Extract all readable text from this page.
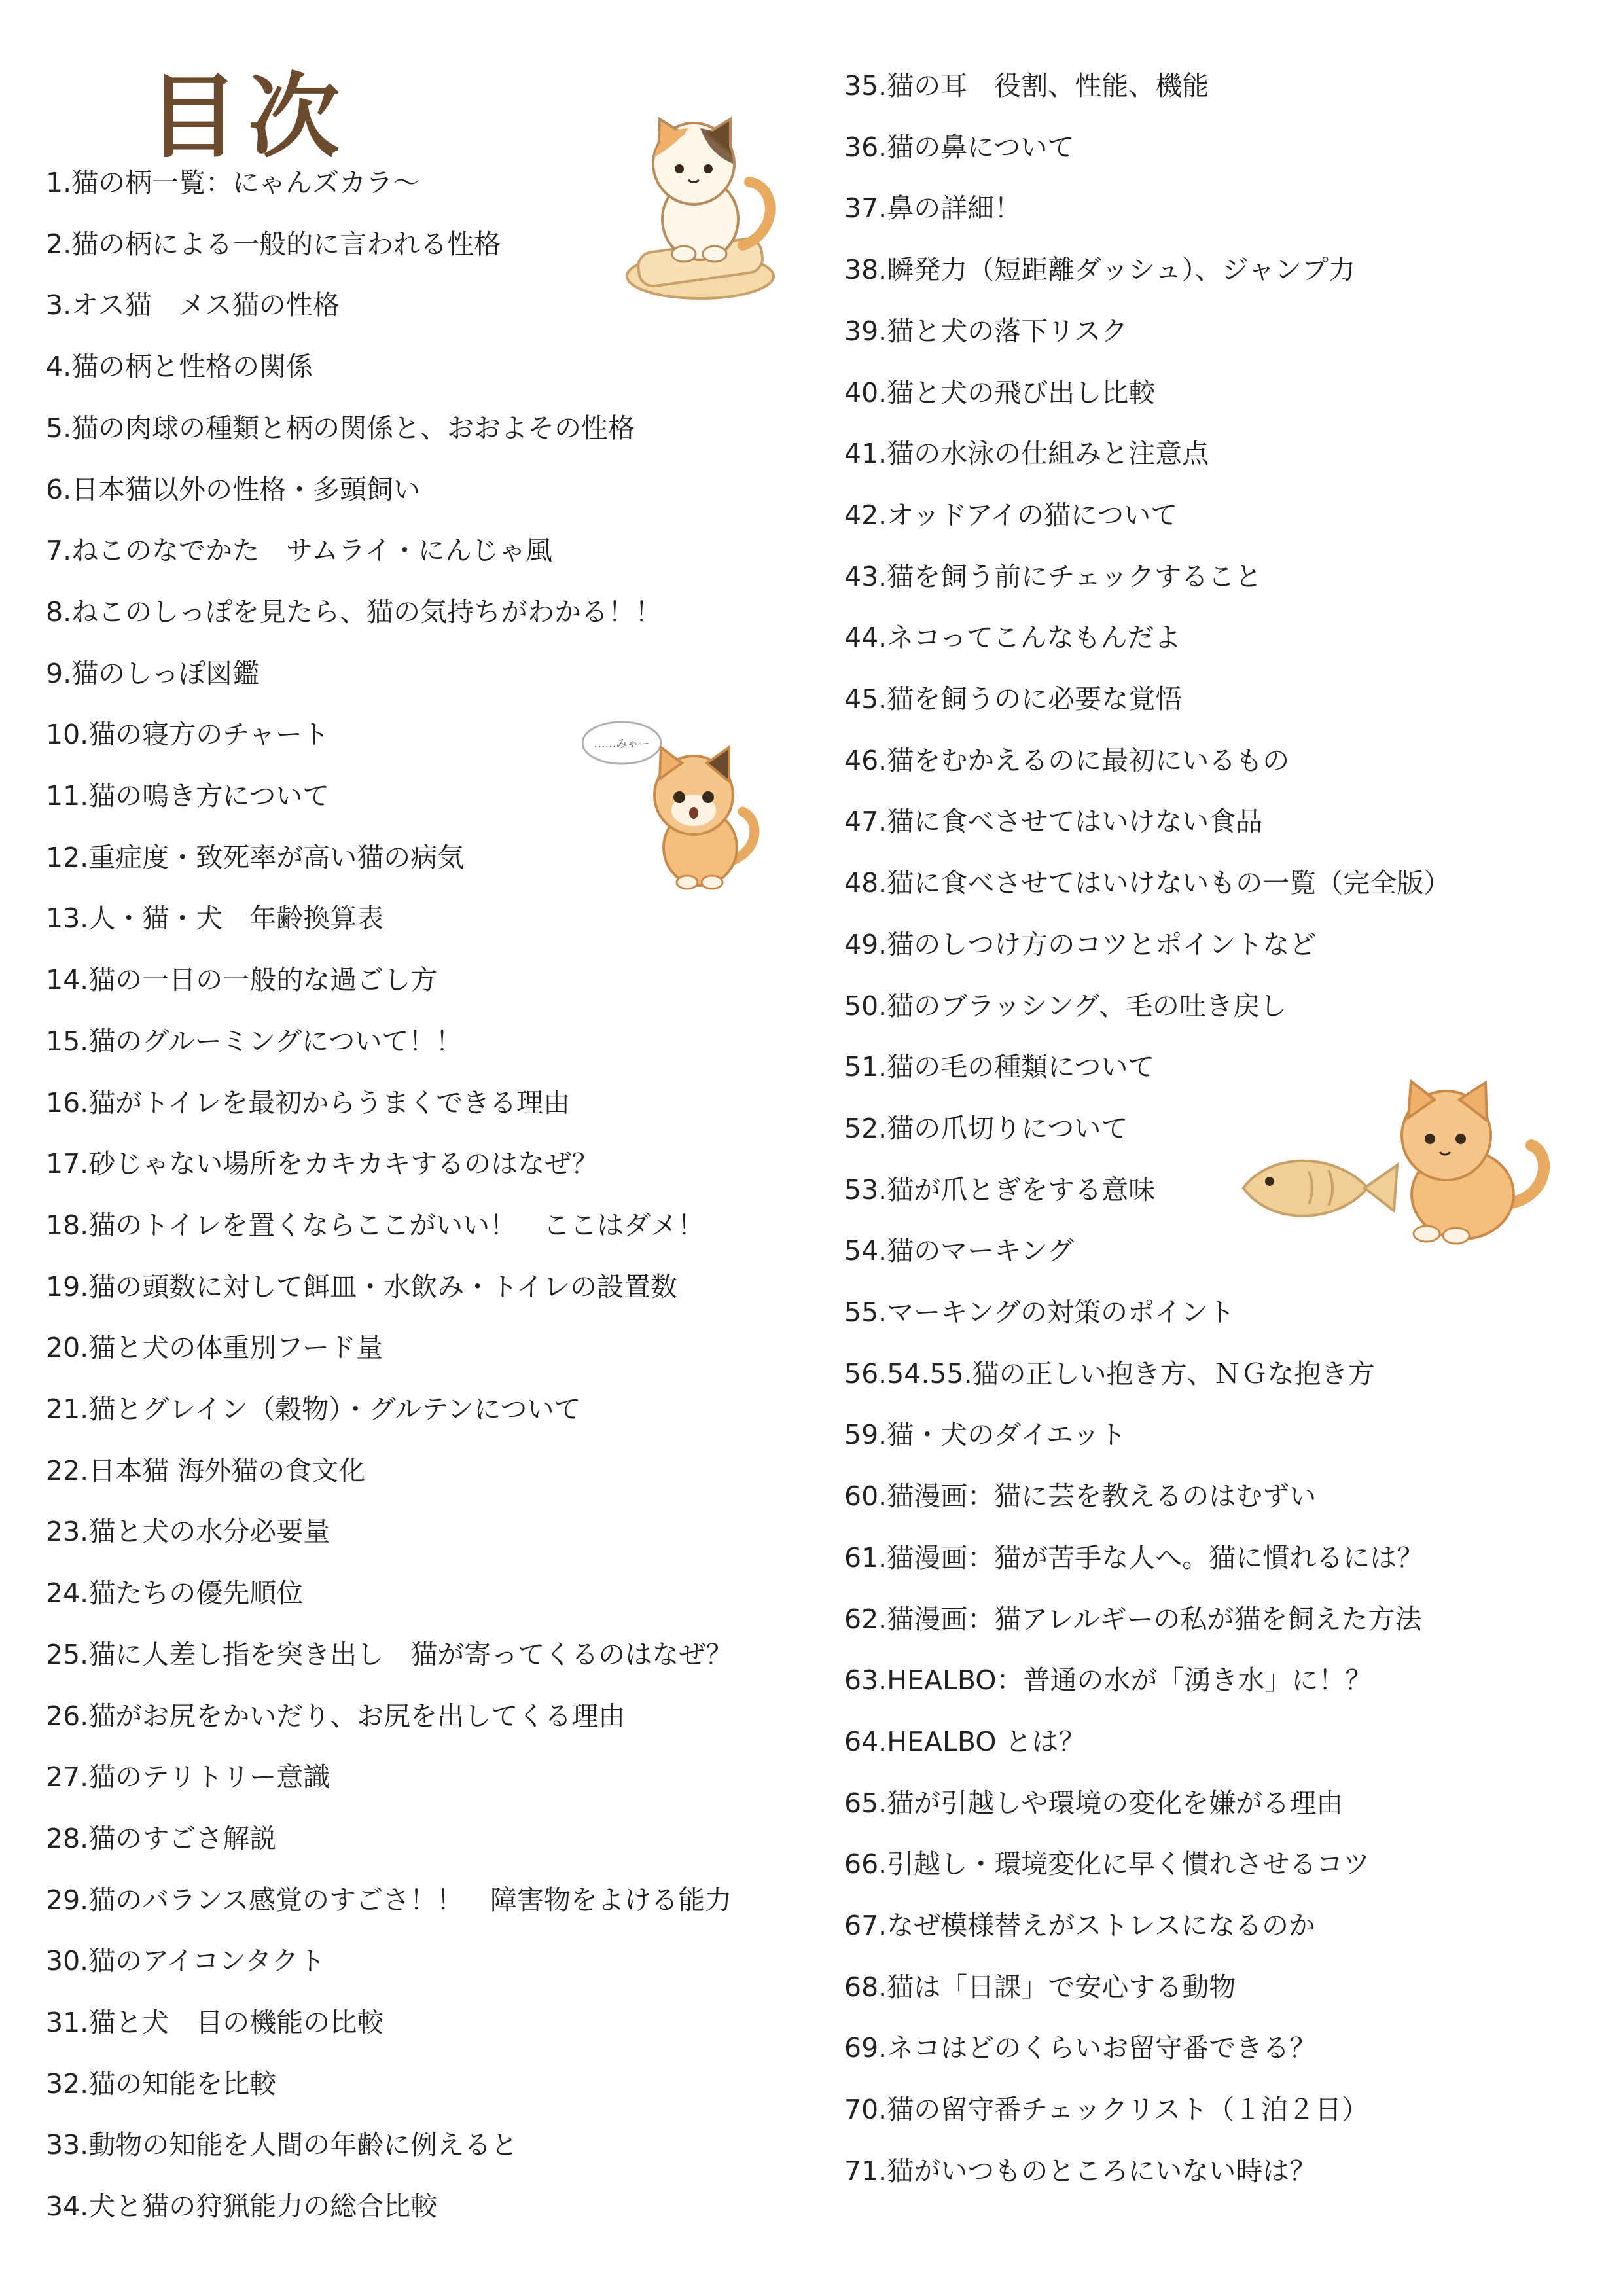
目次
1.猫の柄一覧：にゃんズカラ～
2.猫の柄による一般的に言われる性格
3.オス猫　メス猫の性格
4.猫の柄と性格の関係
5.猫の肉球の種類と柄の関係と、おおよその性格
6.日本猫以外の性格・多頭飼い
7.ねこのなでかた　サムライ・にんじゃ風
8.ねこのしっぽを見たら、猫の気持ちがわかる！！
9.猫のしっぽ図鑑
10.猫の寝方のチャート
11.猫の鳴き方について
12.重症度・致死率が高い猫の病気
13.人・猫・犬　年齢換算表
14.猫の一日の一般的な過ごし方
15.猫のグルーミングについて！！
16.猫がトイレを最初からうまくできる理由
17.砂じゃない場所をカキカキするのはなぜ？
18.猫のトイレを置くならここがいい！　ここはダメ！
19.猫の頭数に対して餌皿・水飲み・トイレの設置数
20.猫と犬の体重別フード量
21.猫とグレイン（穀物）・グルテンについて
22.日本猫 海外猫の食文化
23.猫と犬の水分必要量
24.猫たちの優先順位
25.猫に人差し指を突き出し　猫が寄ってくるのはなぜ？
26.猫がお尻をかいだり、お尻を出してくる理由
27.猫のテリトリー意識
28.猫のすごさ解説
29.猫のバランス感覚のすごさ！！　障害物をよける能力
30.猫のアイコンタクト
31.猫と犬　目の機能の比較
32.猫の知能を比較
33.動物の知能を人間の年齢に例えると
34.犬と猫の狩猟能力の総合比較
35.猫の耳　役割、性能、機能
36.猫の鼻について
37.鼻の詳細！
38.瞬発力（短距離ダッシュ）、ジャンプ力
39.猫と犬の落下リスク
40.猫と犬の飛び出し比較
41.猫の水泳の仕組みと注意点
42.オッドアイの猫について
43.猫を飼う前にチェックすること
44.ネコってこんなもんだよ
45.猫を飼うのに必要な覚悟
46.猫をむかえるのに最初にいるもの
47.猫に食べさせてはいけない食品
48.猫に食べさせてはいけないもの一覧（完全版）
49.猫のしつけ方のコツとポイントなど
50.猫のブラッシング、毛の吐き戻し
51.猫の毛の種類について
52.猫の爪切りについて
53.猫が爪とぎをする意味
54.猫のマーキング
55.マーキングの対策のポイント
56.54.55.猫の正しい抱き方、ＮＧな抱き方
59.猫・犬のダイエット
60.猫漫画：猫に芸を教えるのはむずい
61.猫漫画：猫が苦手な人へ。猫に慣れるには？
62.猫漫画：猫アレルギーの私が猫を飼えた方法
63.HEALBO：普通の水が「湧き水」に！？
64.HEALBO とは？
65.猫が引越しや環境の変化を嫌がる理由
66.引越し・環境変化に早く慣れさせるコツ
67.なぜ模様替えがストレスになるのか
68.猫は「日課」で安心する動物
69.ネコはどのくらいお留守番できる？
70.猫の留守番チェックリスト（１泊２日）
71.猫がいつものところにいない時は？
……みゃー
